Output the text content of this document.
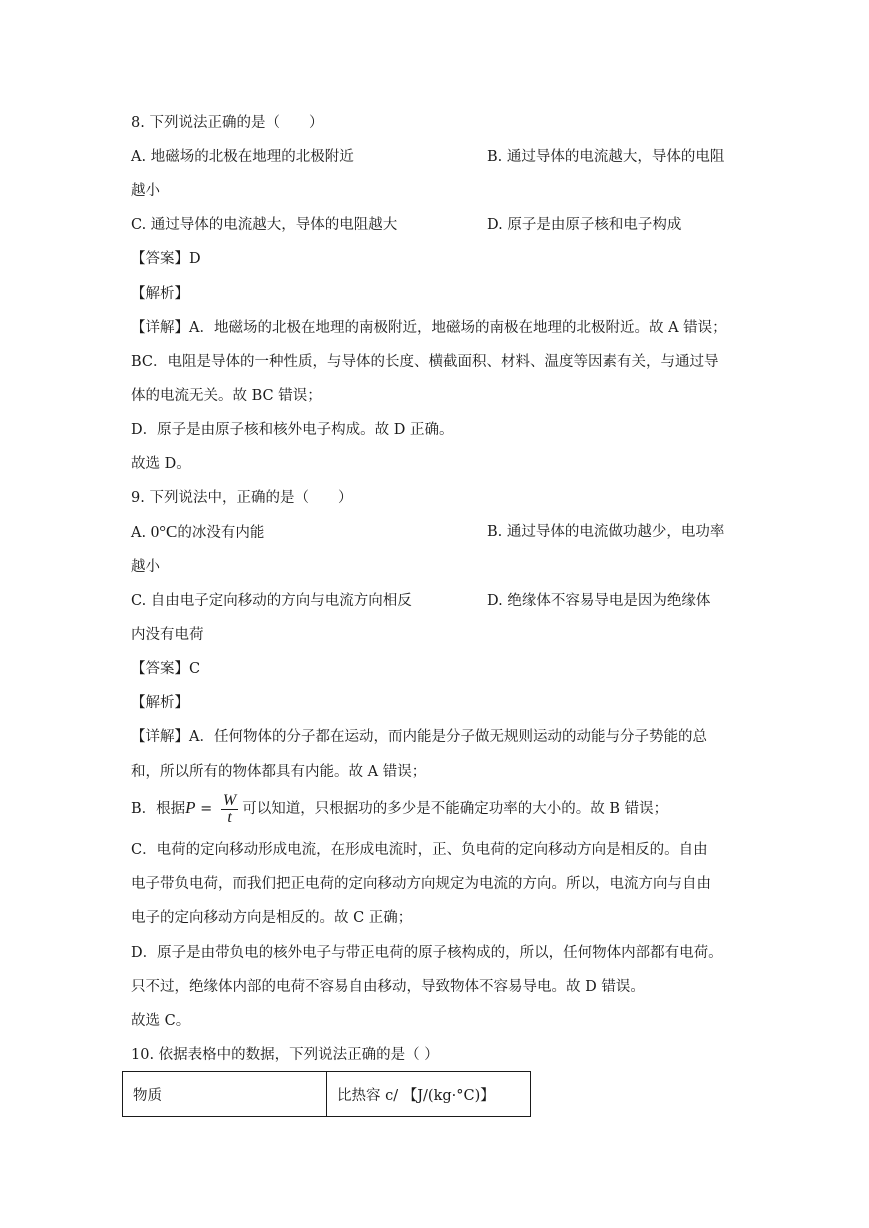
8. 下列说法正确的是（　　）
A. 地磁场的北极在地理的北极附近	B. 通过导体的电流越大，导体的电阻
越小
C. 通过导体的电流越大，导体的电阻越大	D. 原子是由原子核和电子构成
【答案】D
【解析】
【详解】A．地磁场的北极在地理的南极附近，地磁场的南极在地理的北极附近。故 A 错误；
BC．电阻是导体的一种性质，与导体的长度、横截面积、材料、温度等因素有关，与通过导
体的电流无关。故 BC 错误；
D．原子是由原子核和核外电子构成。故 D 正确。
故选 D。
9. 下列说法中，正确的是（　　）
A. 0°C的冰没有内能	B. 通过导体的电流做功越少，电功率
越小
C. 自由电子定向移动的方向与电流方向相反	D. 绝缘体不容易导电是因为绝缘体
内没有电荷
【答案】C
【解析】
【详解】A．任何物体的分子都在运动，而内能是分子做无规则运动的动能与分子势能的总
和，所以所有的物体都具有内能。故 A 错误；
B．根据$P = \frac{W}{t}$ 可以知道，只根据功的多少是不能确定功率的大小的。故 B 错误；
C．电荷的定向移动形成电流，在形成电流时，正、负电荷的定向移动方向是相反的。自由
电子带负电荷，而我们把正电荷的定向移动方向规定为电流的方向。所以，电流方向与自由
电子的定向移动方向是相反的。故 C 正确；
D．原子是由带负电的核外电子与带正电荷的原子核构成的，所以，任何物体内部都有电荷。
只不过，绝缘体内部的电荷不容易自由移动，导致物体不容易导电。故 D 错误。
故选 C。
10. 依据表格中的数据，下列说法正确的是（ ）
物质	比热容 c/ 【J/(kg·°C)】
